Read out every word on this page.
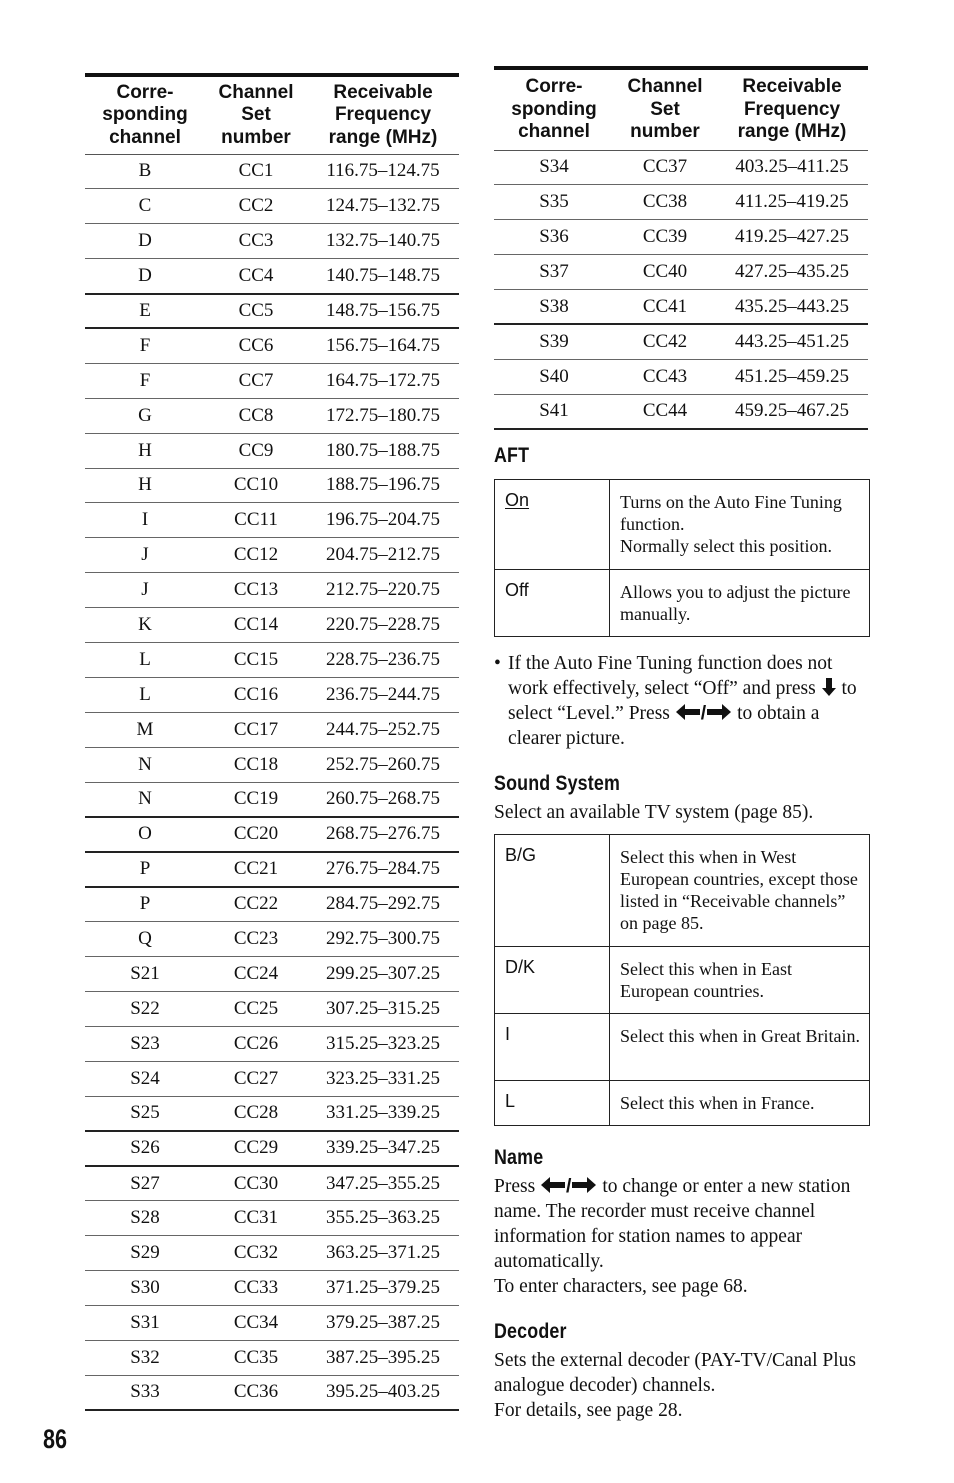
Corre-
sponding
channel	Channel
Set
number	Receivable
Frequency
range (MHz)
B	CC1	116.75–124.75
C	CC2	124.75–132.75
D	CC3	132.75–140.75
D	CC4	140.75–148.75
E	CC5	148.75–156.75
F	CC6	156.75–164.75
F	CC7	164.75–172.75
G	CC8	172.75–180.75
H	CC9	180.75–188.75
H	CC10	188.75–196.75
I	CC11	196.75–204.75
J	CC12	204.75–212.75
J	CC13	212.75–220.75
K	CC14	220.75–228.75
L	CC15	228.75–236.75
L	CC16	236.75–244.75
M	CC17	244.75–252.75
N	CC18	252.75–260.75
N	CC19	260.75–268.75
O	CC20	268.75–276.75
P	CC21	276.75–284.75
P	CC22	284.75–292.75
Q	CC23	292.75–300.75
S21	CC24	299.25–307.25
S22	CC25	307.25–315.25
S23	CC26	315.25–323.25
S24	CC27	323.25–331.25
S25	CC28	331.25–339.25
S26	CC29	339.25–347.25
S27	CC30	347.25–355.25
S28	CC31	355.25–363.25
S29	CC32	363.25–371.25
S30	CC33	371.25–379.25
S31	CC34	379.25–387.25
S32	CC35	387.25–395.25
S33	CC36	395.25–403.25
Corre-
sponding
channel	Channel
Set
number	Receivable
Frequency
range (MHz)
S34	CC37	403.25–411.25
S35	CC38	411.25–419.25
S36	CC39	419.25–427.25
S37	CC40	427.25–435.25
S38	CC41	435.25–443.25
S39	CC42	443.25–451.25
S40	CC43	451.25–459.25
S41	CC44	459.25–467.25
AFT
On	Turns on the Auto Fine Tuning function.
Normally select this position.

Off	Allows you to adjust the picture manually.
• If the Auto Fine Tuning function does not work effectively, select “Off” and press to select “Level.” Press / to obtain a clearer picture.
Sound System
Select an available TV system (page 85).
B/G	Select this when in West European countries, except those listed in “Receivable channels” on page 85.
D/K	Select this when in East European countries.
I	Select this when in Great Britain.
L	Select this when in France.
Name
Press / to change or enter a new station name. The recorder must receive channel information for station names to appear automatically.
To enter characters, see page 68.
Decoder
Sets the external decoder (PAY-TV/Canal Plus analogue decoder) channels.
For details, see page 28.
86
